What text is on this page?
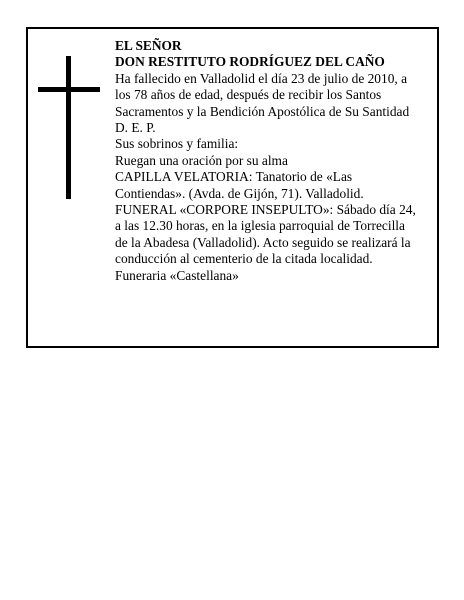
EL SEÑOR
DON RESTITUTO RODRÍGUEZ DEL CAÑO
Ha fallecido en Valladolid el día 23 de julio de 2010, a
los 78 años de edad, después de recibir los Santos
Sacramentos y la Bendición Apostólica de Su Santidad
D. E. P.
Sus sobrinos y familia:
Ruegan una oración por su alma
CAPILLA VELATORIA: Tanatorio de «Las
Contiendas». (Avda. de Gijón, 71). Valladolid.
FUNERAL «CORPORE INSEPULTO»: Sábado día 24,
a las 12.30 horas, en la iglesia parroquial de Torrecilla
de la Abadesa (Valladolid). Acto seguido se realizará la
conducción al cementerio de la citada localidad.
Funeraria «Castellana»
